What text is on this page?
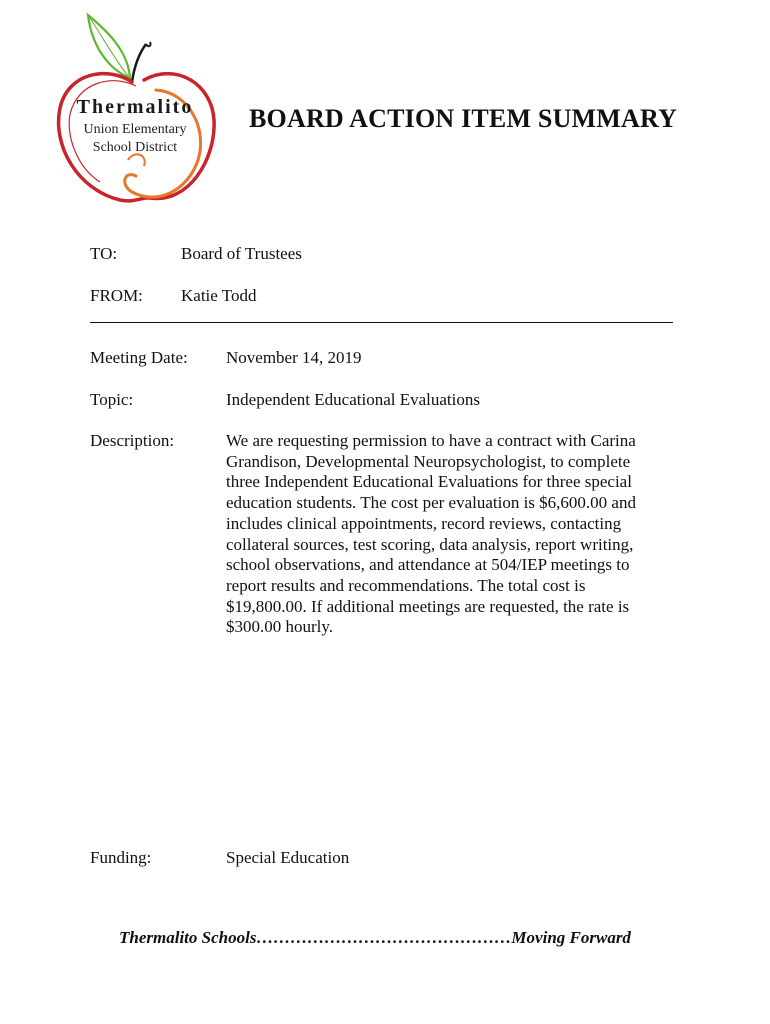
Thermalito
Union Elementary
School District
BOARD ACTION ITEM SUMMARY
TO:	Board of Trustees
FROM: Katie Todd
Meeting Date: November 14, 2019
Topic:	Independent Educational Evaluations
Description:	We are requesting permission to have a contract with Carina Grandison, Developmental Neuropsychologist, to complete three Independent Educational Evaluations for three special education students. The cost per evaluation is $6,600.00 and includes clinical appointments, record reviews, contacting collateral sources, test scoring, data analysis, report writing, school observations, and attendance at 504/IEP meetings to report results and recommendations. The total cost is $19,800.00. If additional meetings are requested, the rate is $300.00 hourly.
Funding:	Special Education
Thermalito Schools………………………………………Moving Forward
